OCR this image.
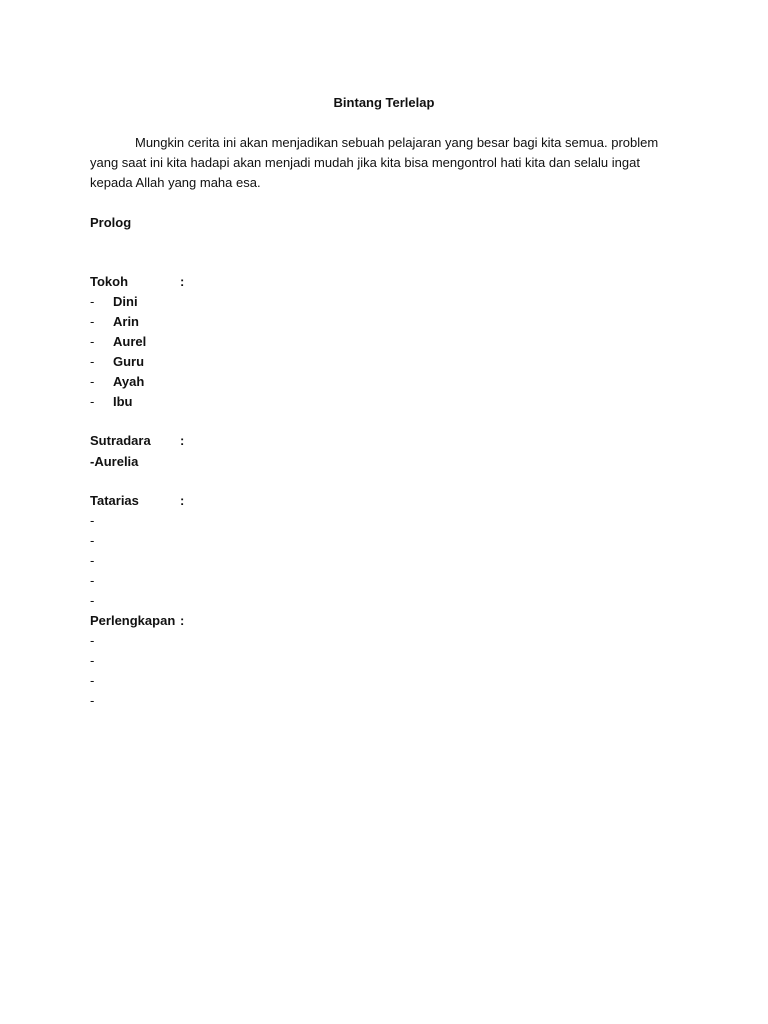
Bintang Terlelap
Mungkin cerita ini akan menjadikan sebuah pelajaran yang besar bagi kita semua. problem yang saat ini kita hadapi akan menjadi mudah jika kita bisa mengontrol hati kita dan selalu ingat kepada Allah yang maha esa.
Prolog
Tokoh	:
- Dini
- Arin
- Aurel
- Guru
- Ayah
- Ibu
Sutradara :
-Aurelia
Tatarias	:
-
-
-
-
-
Perlengkapan :
-
-
-
-
